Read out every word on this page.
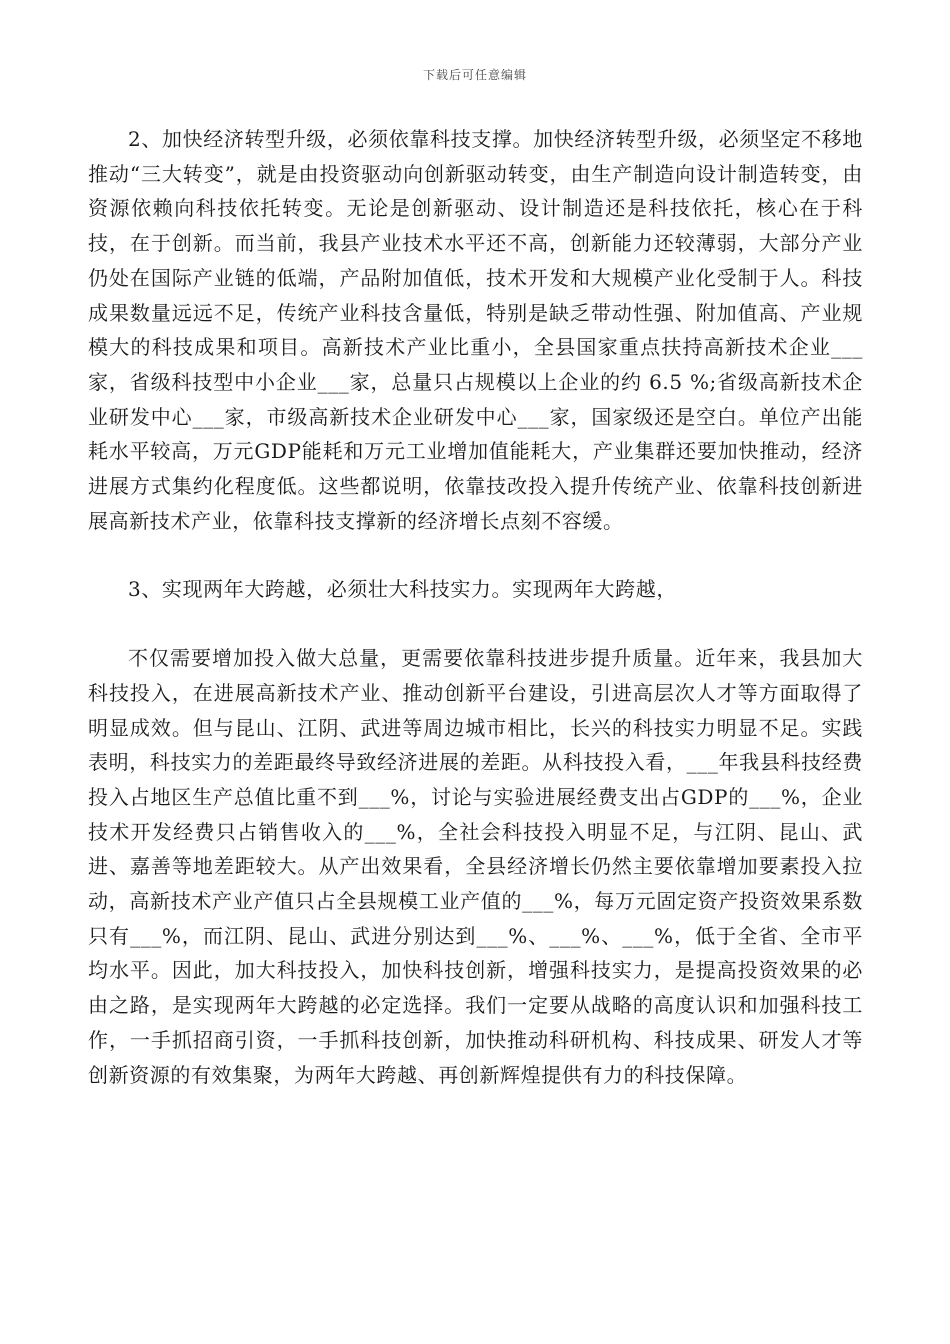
下载后可任意编辑

2、加快经济转型升级，必须依靠科技支撑。加快经济转型升级，必须坚定不移地推动“三大转变”，就是由投资驱动向创新驱动转变，由生产制造向设计制造转变，由资源依赖向科技依托转变。无论是创新驱动、设计制造还是科技依托，核心在于科技，在于创新。而当前，我县产业技术水平还不高，创新能力还较薄弱，大部分产业仍处在国际产业链的低端，产品附加值低，技术开发和大规模产业化受制于人。科技成果数量远远不足，传统产业科技含量低，特别是缺乏带动性强、附加值高、产业规模大的科技成果和项目。高新技术产业比重小，全县国家重点扶持高新技术企业___家，省级科技型中小企业___家，总量只占规模以上企业的约 6.5 %;省级高新技术企业研发中心___家，市级高新技术企业研发中心___家，国家级还是空白。单位产出能耗水平较高，万元GDP能耗和万元工业增加值能耗大，产业集群还要加快推动，经济进展方式集约化程度低。这些都说明，依靠技改投入提升传统产业、依靠科技创新进展高新技术产业，依靠科技支撑新的经济增长点刻不容缓。

3、实现两年大跨越，必须壮大科技实力。实现两年大跨越，

不仅需要增加投入做大总量，更需要依靠科技进步提升质量。近年来，我县加大科技投入，在进展高新技术产业、推动创新平台建设，引进高层次人才等方面取得了明显成效。但与昆山、江阴、武进等周边城市相比，长兴的科技实力明显不足。实践表明，科技实力的差距最终导致经济进展的差距。从科技投入看，___年我县科技经费投入占地区生产总值比重不到___%，讨论与实验进展经费支出占GDP的___%，企业技术开发经费只占销售收入的___%，全社会科技投入明显不足，与江阴、昆山、武进、嘉善等地差距较大。从产出效果看，全县经济增长仍然主要依靠增加要素投入拉动，高新技术产业产值只占全县规模工业产值的___%，每万元固定资产投资效果系数只有___%，而江阴、昆山、武进分别达到___%、___%、___%，低于全省、全市平均水平。因此，加大科技投入，加快科技创新，增强科技实力，是提高投资效果的必由之路，是实现两年大跨越的必定选择。我们一定要从战略的高度认识和加强科技工作，一手抓招商引资，一手抓科技创新，加快推动科研机构、科技成果、研发人才等创新资源的有效集聚，为两年大跨越、再创新辉煌提供有力的科技保障。
